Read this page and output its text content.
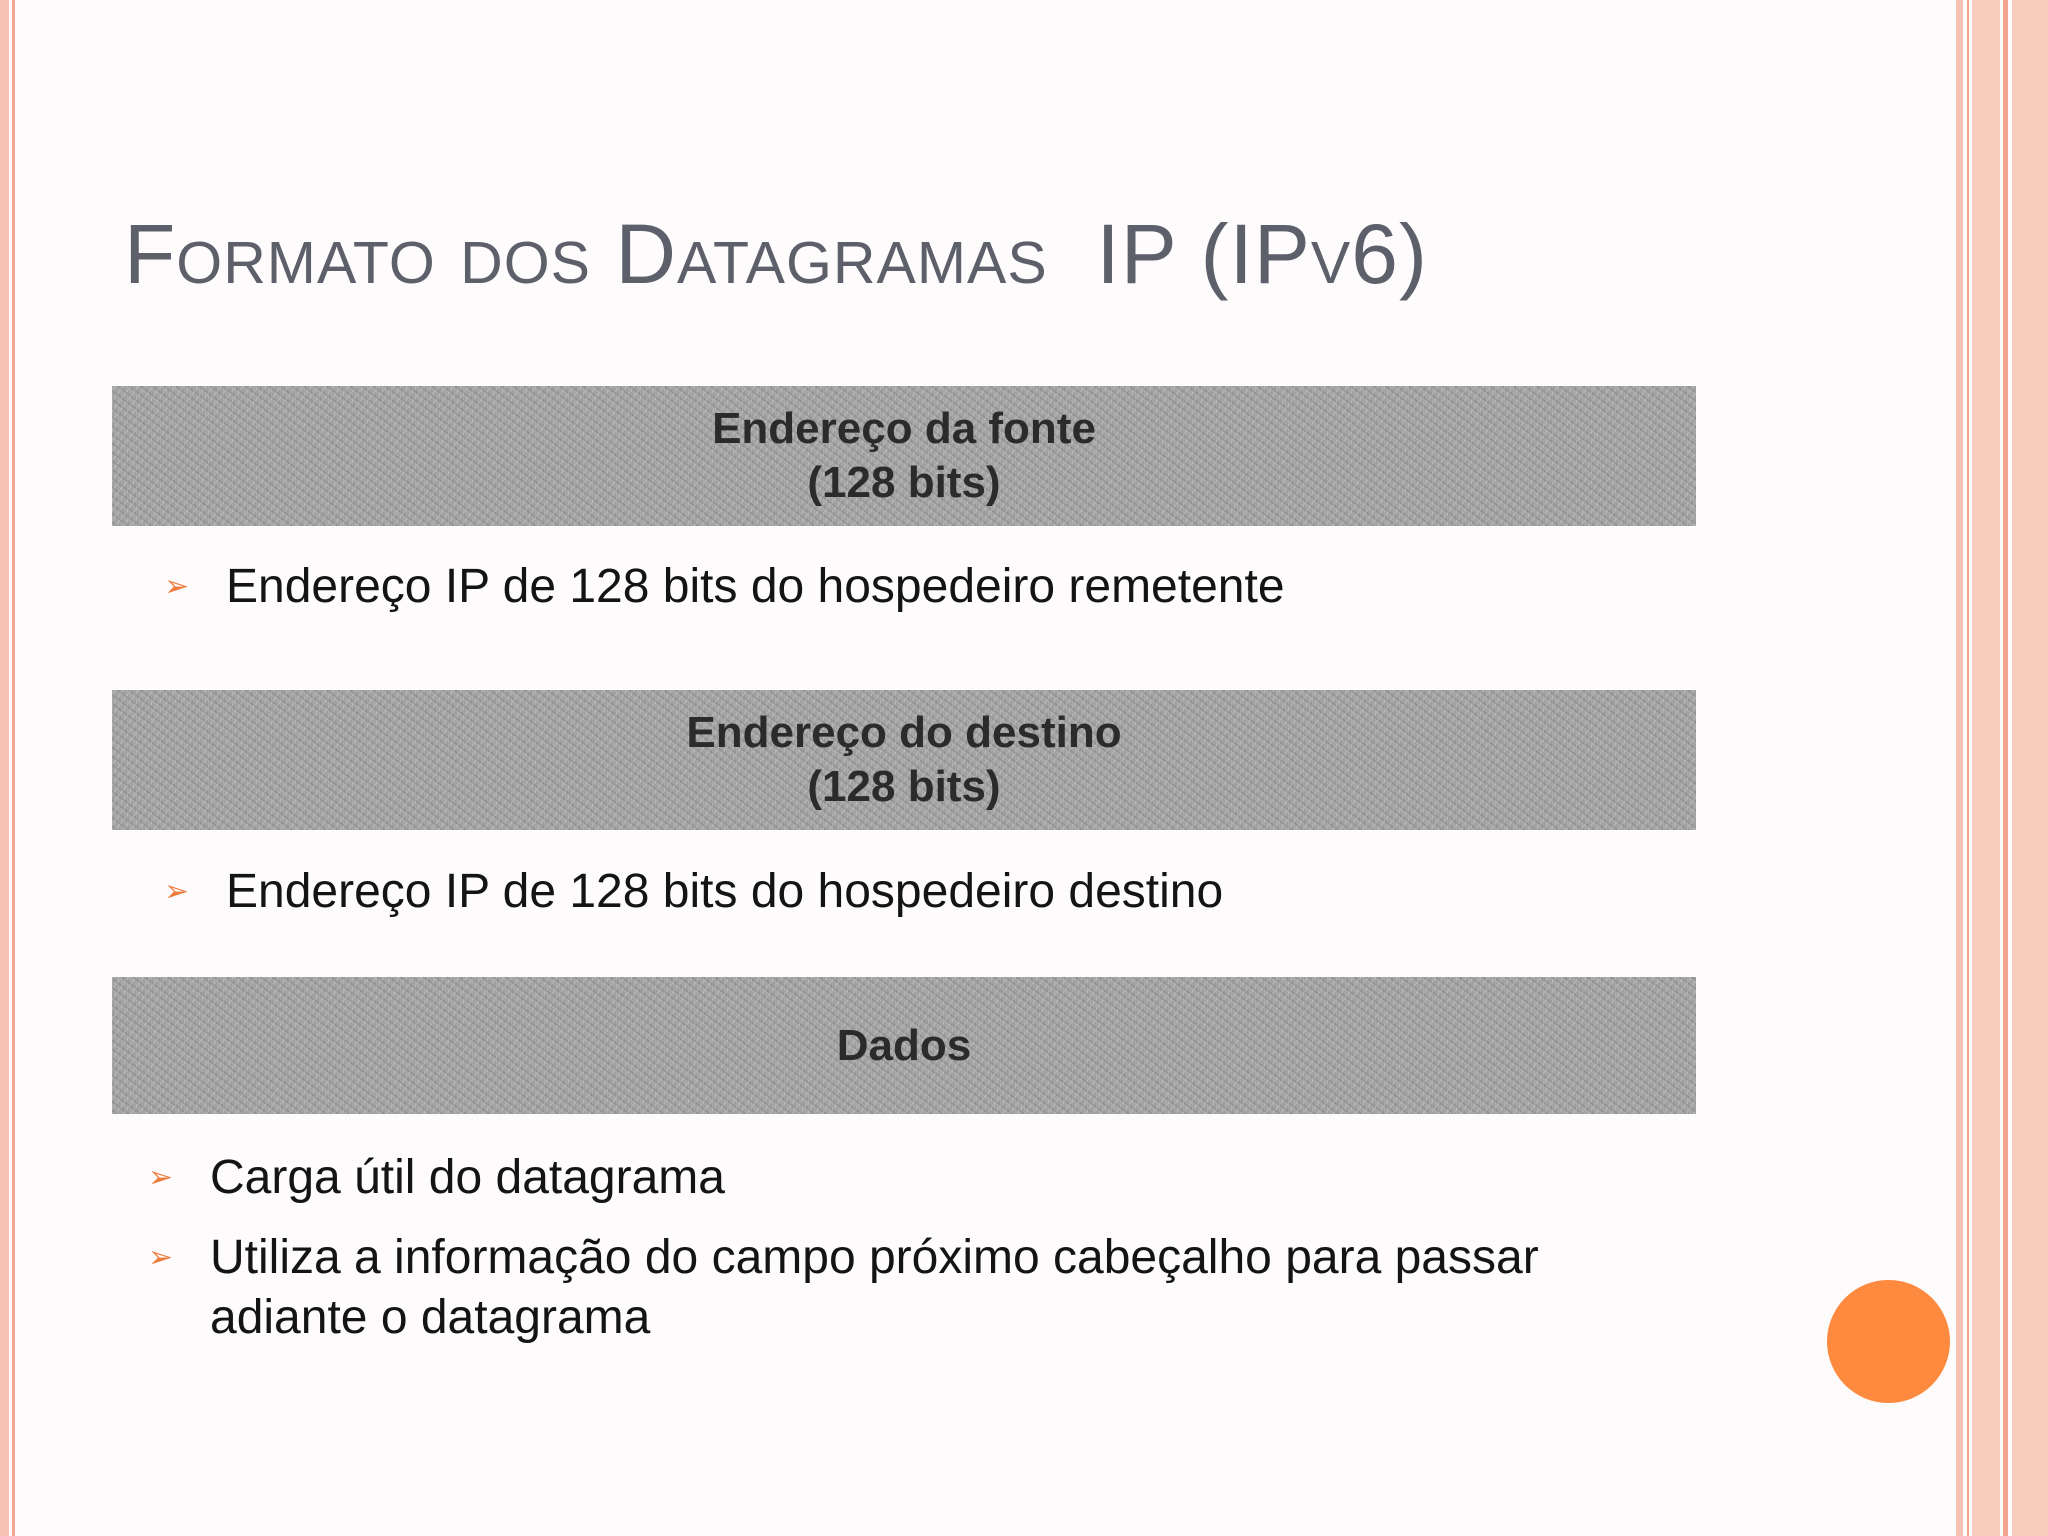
Formato dos Datagramas  IP (IPv6)
Endereço da fonte
(128 bits)
➢ Endereço IP de 128 bits do hospedeiro remetente
Endereço do destino
(128 bits)
➢ Endereço IP de 128 bits do hospedeiro destino
Dados
➢ Carga útil do datagrama
➢ Utiliza a informação do campo próximo cabeçalho para passar
adiante o datagrama
